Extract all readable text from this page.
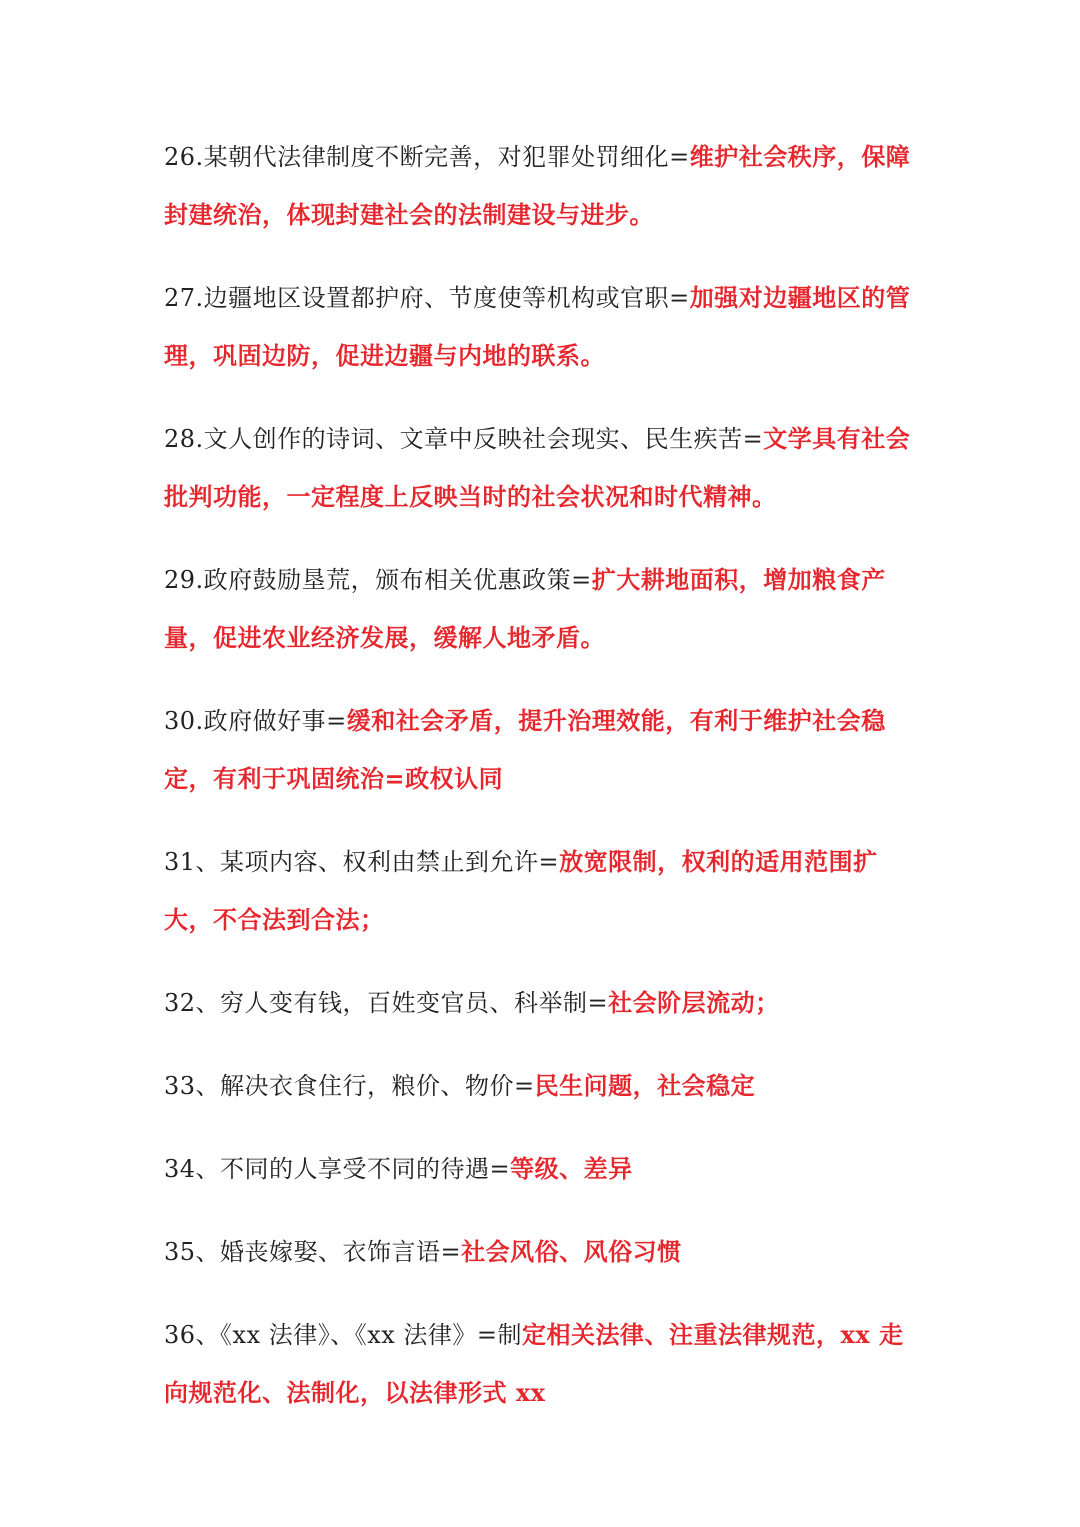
26.某朝代法律制度不断完善，对犯罪处罚细化=维护社会秩序，保障封建统治，体现封建社会的法制建设与进步。

27.边疆地区设置都护府、节度使等机构或官职=加强对边疆地区的管理，巩固边防，促进边疆与内地的联系。

28.文人创作的诗词、文章中反映社会现实、民生疾苦=文学具有社会批判功能，一定程度上反映当时的社会状况和时代精神。

29.政府鼓励垦荒，颁布相关优惠政策=扩大耕地面积，增加粮食产量，促进农业经济发展，缓解人地矛盾。

30.政府做好事=缓和社会矛盾，提升治理效能，有利于维护社会稳定，有利于巩固统治=政权认同

31、某项内容、权利由禁止到允许=放宽限制，权利的适用范围扩大，不合法到合法；

32、穷人变有钱，百姓变官员、科举制=社会阶层流动；

33、解决衣食住行，粮价、物价=民生问题，社会稳定

34、不同的人享受不同的待遇=等级、差异

35、婚丧嫁娶、衣饰言语=社会风俗、风俗习惯

36、《xx 法律》、《xx 法律》=制定相关法律、注重法律规范，xx 走向规范化、法制化，以法律形式 xx
